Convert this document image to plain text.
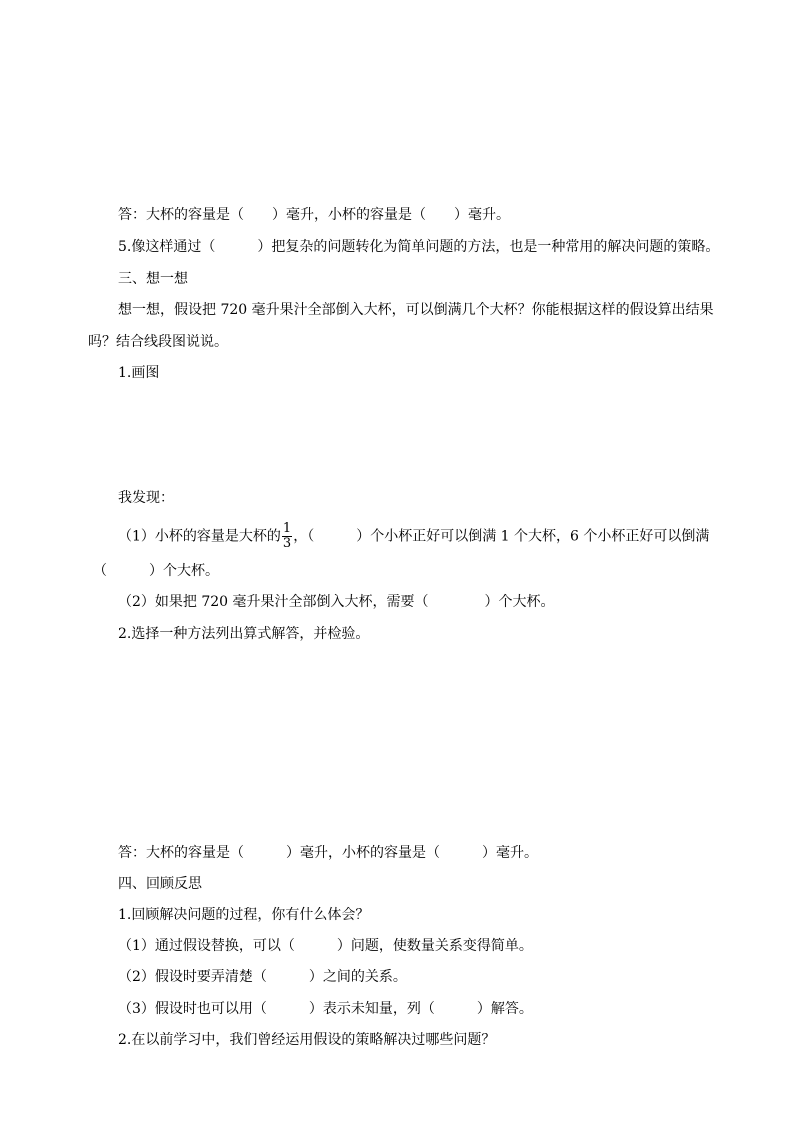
答：大杯的容量是（　　）毫升，小杯的容量是（　　）毫升。
5.像这样通过（　　　）把复杂的问题转化为简单问题的方法，也是一种常用的解决问题的策略。
三、想一想
想一想，假设把 720 毫升果汁全部倒入大杯，可以倒满几个大杯？你能根据这样的假设算出结果
吗？结合线段图说说。
1.画图
我发现：
（1）小杯的容量是大杯的 $\frac{1}{3}$ ，（　　　）个小杯正好可以倒满 1 个大杯，6 个小杯正好可以倒满
（　　　）个大杯。
（2）如果把 720 毫升果汁全部倒入大杯，需要（　　　　）个大杯。
2.选择一种方法列出算式解答，并检验。
答：大杯的容量是（　　　）毫升，小杯的容量是（　　　）毫升。
四、回顾反思
1.回顾解决问题的过程，你有什么体会？
（1）通过假设替换，可以（　　　）问题，使数量关系变得简单。
（2）假设时要弄清楚（　　　）之间的关系。
（3）假设时也可以用（　　　）表示未知量，列（　　　）解答。
2.在以前学习中，我们曾经运用假设的策略解决过哪些问题？
